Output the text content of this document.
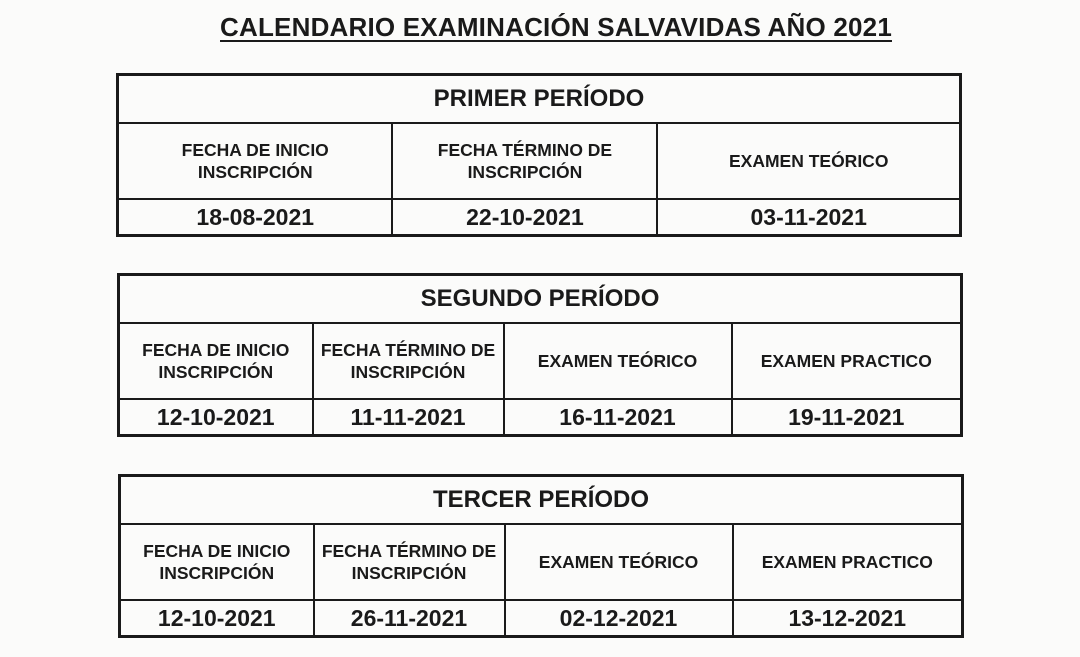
CALENDARIO EXAMINACIÓN SALVAVIDAS AÑO 2021
PRIMER PERÍODO		
FECHA DE INICIO INSCRIPCIÓN	FECHA TÉRMINO DE INSCRIPCIÓN	EXAMEN TEÓRICO
18-08-2021	22-10-2021	03-11-2021
SEGUNDO PERÍODO			
FECHA DE INICIO INSCRIPCIÓN	FECHA TÉRMINO DE INSCRIPCIÓN	EXAMEN TEÓRICO	EXAMEN PRACTICO
12-10-2021	11-11-2021	16-11-2021	19-11-2021
TERCER PERÍODO			
FECHA DE INICIO INSCRIPCIÓN	FECHA TÉRMINO DE INSCRIPCIÓN	EXAMEN TEÓRICO	EXAMEN PRACTICO
12-10-2021	26-11-2021	02-12-2021	13-12-2021
